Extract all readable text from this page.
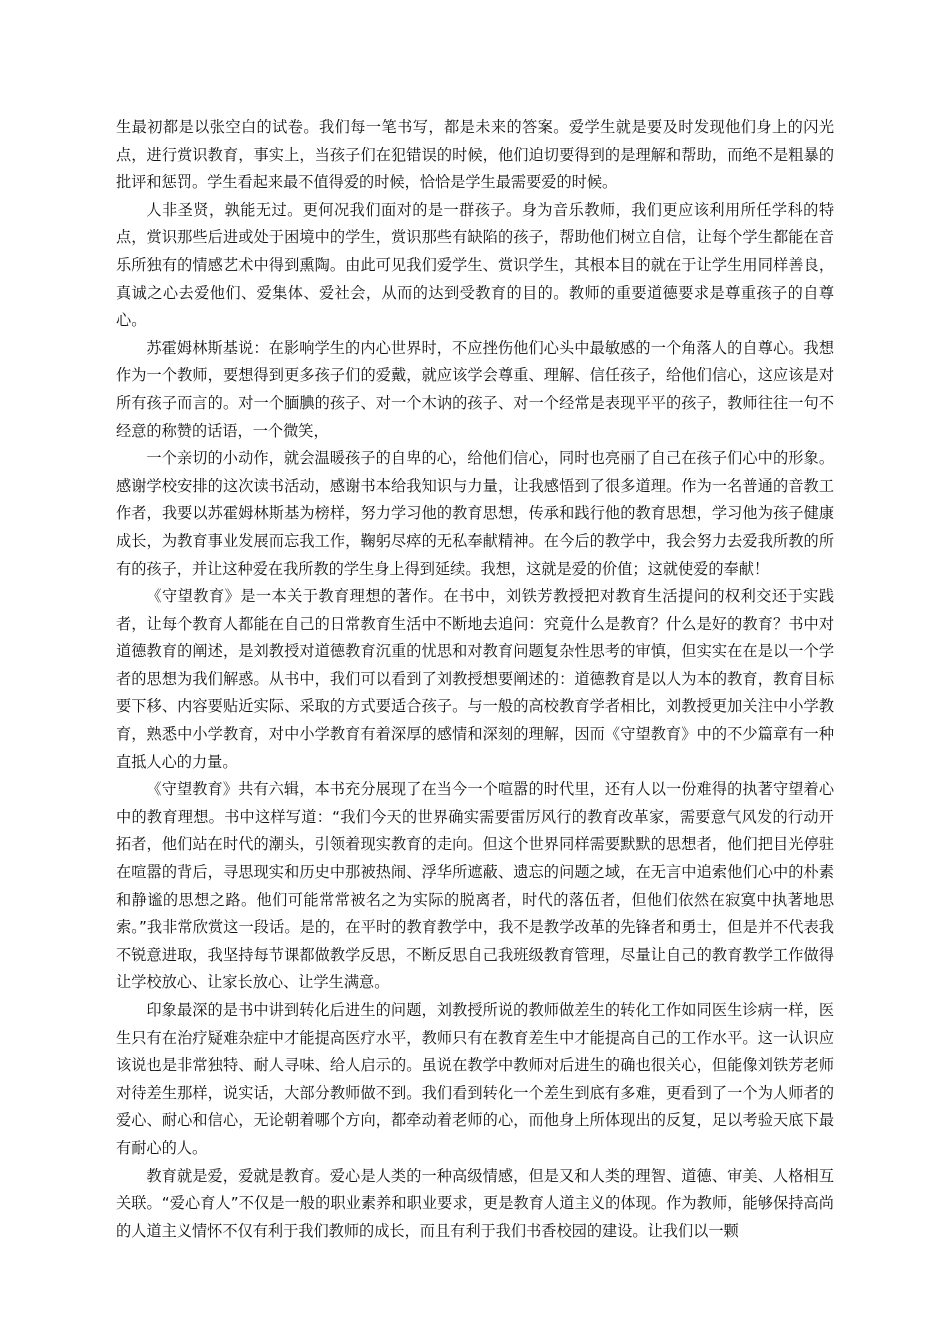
生最初都是以张空白的试卷。我们每一笔书写，都是未来的答案。爱学生就是要及时发现他们身上的闪光点，进行赏识教育，事实上，当孩子们在犯错误的时候，他们迫切要得到的是理解和帮助，而绝不是粗暴的批评和惩罚。学生看起来最不值得爱的时候，恰恰是学生最需要爱的时候。

人非圣贤，孰能无过。更何况我们面对的是一群孩子。身为音乐教师，我们更应该利用所任学科的特点，赏识那些后进或处于困境中的学生，赏识那些有缺陷的孩子，帮助他们树立自信，让每个学生都能在音乐所独有的情感艺术中得到熏陶。由此可见我们爱学生、赏识学生，其根本目的就在于让学生用同样善良，真诚之心去爱他们、爱集体、爱社会，从而的达到受教育的目的。教师的重要道德要求是尊重孩子的自尊心。

苏霍姆林斯基说：在影响学生的内心世界时，不应挫伤他们心头中最敏感的一个角落人的自尊心。我想作为一个教师，要想得到更多孩子们的爱戴，就应该学会尊重、理解、信任孩子，给他们信心，这应该是对所有孩子而言的。对一个腼腆的孩子、对一个木讷的孩子、对一个经常是表现平平的孩子，教师往往一句不经意的称赞的话语，一个微笑，

一个亲切的小动作，就会温暖孩子的自卑的心，给他们信心，同时也亮丽了自己在孩子们心中的形象。感谢学校安排的这次读书活动，感谢书本给我知识与力量，让我感悟到了很多道理。作为一名普通的音教工作者，我要以苏霍姆林斯基为榜样，努力学习他的教育思想，传承和践行他的教育思想，学习他为孩子健康成长，为教育事业发展而忘我工作，鞠躬尽瘁的无私奉献精神。在今后的教学中，我会努力去爱我所教的所有的孩子，并让这种爱在我所教的学生身上得到延续。我想，这就是爱的价值；这就使爱的奉献！

《守望教育》是一本关于教育理想的著作。在书中，刘铁芳教授把对教育生活提问的权利交还于实践者，让每个教育人都能在自己的日常教育生活中不断地去追问：究竟什么是教育？什么是好的教育？书中对道德教育的阐述，是刘教授对道德教育沉重的忧思和对教育问题复杂性思考的审慎，但实实在在是以一个学者的思想为我们解惑。从书中，我们可以看到了刘教授想要阐述的：道德教育是以人为本的教育，教育目标要下移、内容要贴近实际、采取的方式要适合孩子。与一般的高校教育学者相比，刘教授更加关注中小学教育，熟悉中小学教育，对中小学教育有着深厚的感情和深刻的理解，因而《守望教育》中的不少篇章有一种直抵人心的力量。

《守望教育》共有六辑，本书充分展现了在当今一个喧嚣的时代里，还有人以一份难得的执著守望着心中的教育理想。书中这样写道：“我们今天的世界确实需要雷厉风行的教育改革家，需要意气风发的行动开拓者，他们站在时代的潮头，引领着现实教育的走向。但这个世界同样需要默默的思想者，他们把目光停驻在喧嚣的背后，寻思现实和历史中那被热闹、浮华所遮蔽、遗忘的问题之域，在无言中追索他们心中的朴素和静谧的思想之路。他们可能常常被名之为实际的脱离者，时代的落伍者，但他们依然在寂寞中执著地思索。”我非常欣赏这一段话。是的，在平时的教育教学中，我不是教学改革的先锋者和勇士，但是并不代表我不锐意进取，我坚持每节课都做教学反思，不断反思自己我班级教育管理，尽量让自己的教育教学工作做得让学校放心、让家长放心、让学生满意。

印象最深的是书中讲到转化后进生的问题，刘教授所说的教师做差生的转化工作如同医生诊病一样，医生只有在治疗疑难杂症中才能提高医疗水平，教师只有在教育差生中才能提高自己的工作水平。这一认识应该说也是非常独特、耐人寻味、给人启示的。虽说在教学中教师对后进生的确也很关心，但能像刘铁芳老师对待差生那样，说实话，大部分教师做不到。我们看到转化一个差生到底有多难，更看到了一个为人师者的爱心、耐心和信心，无论朝着哪个方向，都牵动着老师的心，而他身上所体现出的反复，足以考验天底下最有耐心的人。

教育就是爱，爱就是教育。爱心是人类的一种高级情感，但是又和人类的理智、道德、审美、人格相互关联。“爱心育人”不仅是一般的职业素养和职业要求，更是教育人道主义的体现。作为教师，能够保持高尚的人道主义情怀不仅有利于我们教师的成长，而且有利于我们书香校园的建设。让我们以一颗
